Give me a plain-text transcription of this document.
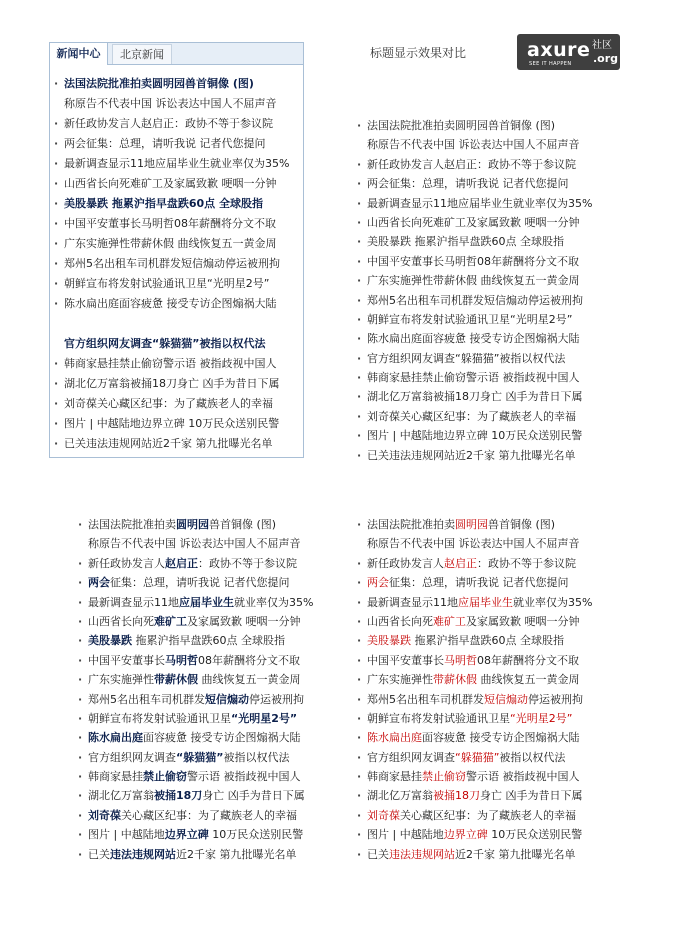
标题显示效果对比	axure 社区
.org
SEE IT HAPPEN
新闻中心	北京新闻
· 法国法院批准拍卖圆明园兽首铜像 (图)
称原告不代表中国 诉讼表达中国人不屈声音
· 新任政协发言人赵启正：政协不等于参议院
· 两会征集：总理，请听我说 记者代您提问
· 最新调查显示11地应届毕业生就业率仅为35%
· 山西省长向死难矿工及家属致歉 哽咽一分钟
· 美股暴跌 拖累沪指早盘跌60点 全球股指
· 中国平安董事长马明哲08年薪酬将分文不取
· 广东实施弹性带薪休假 曲线恢复五一黄金周
· 郑州5名出租车司机群发短信煽动停运被刑拘
· 朝鲜宣布将发射试验通讯卫星“光明星2号”
· 陈水扁出庭面容疲惫 接受专访企图煽祸大陆
官方组织网友调查“躲猫猫”被指以权代法
· 韩商家悬挂禁止偷窃警示语 被指歧视中国人
· 湖北亿万富翁被捅18刀身亡 凶手为昔日下属
· 刘奇葆关心藏区纪事：为了藏族老人的幸福
· 图片 | 中越陆地边界立碑 10万民众送别民警
· 已关违法违规网站近2千家 第九批曝光名单
· 法国法院批准拍卖圆明园兽首铜像 (图)
称原告不代表中国 诉讼表达中国人不屈声音
· 新任政协发言人赵启正：政协不等于参议院
· 两会征集：总理，请听我说 记者代您提问
· 最新调查显示11地应届毕业生就业率仅为35%
· 山西省长向死难矿工及家属致歉 哽咽一分钟
· 美股暴跌 拖累沪指早盘跌60点 全球股指
· 中国平安董事长马明哲08年薪酬将分文不取
· 广东实施弹性带薪休假 曲线恢复五一黄金周
· 郑州5名出租车司机群发短信煽动停运被刑拘
· 朝鲜宣布将发射试验通讯卫星“光明星2号”
· 陈水扁出庭面容疲惫 接受专访企图煽祸大陆
· 官方组织网友调查“躲猫猫”被指以权代法
· 韩商家悬挂禁止偷窃警示语 被指歧视中国人
· 湖北亿万富翁被捅18刀身亡 凶手为昔日下属
· 刘奇葆关心藏区纪事：为了藏族老人的幸福
· 图片 | 中越陆地边界立碑 10万民众送别民警
· 已关违法违规网站近2千家 第九批曝光名单
· 法国法院批准拍卖圆明园兽首铜像 (图)
称原告不代表中国 诉讼表达中国人不屈声音
· 新任政协发言人赵启正：政协不等于参议院
· 两会征集：总理，请听我说 记者代您提问
· 最新调查显示11地应届毕业生就业率仅为35%
· 山西省长向死难矿工及家属致歉 哽咽一分钟
· 美股暴跌 拖累沪指早盘跌60点 全球股指
· 中国平安董事长马明哲08年薪酬将分文不取
· 广东实施弹性带薪休假 曲线恢复五一黄金周
· 郑州5名出租车司机群发短信煽动停运被刑拘
· 朝鲜宣布将发射试验通讯卫星“光明星2号”
· 陈水扁出庭面容疲惫 接受专访企图煽祸大陆
· 官方组织网友调查“躲猫猫”被指以权代法
· 韩商家悬挂禁止偷窃警示语 被指歧视中国人
· 湖北亿万富翁被捅18刀身亡 凶手为昔日下属
· 刘奇葆关心藏区纪事：为了藏族老人的幸福
· 图片 | 中越陆地边界立碑 10万民众送别民警
· 已关违法违规网站近2千家 第九批曝光名单
· 法国法院批准拍卖圆明园兽首铜像 (图)
称原告不代表中国 诉讼表达中国人不屈声音
· 新任政协发言人赵启正：政协不等于参议院
· 两会征集：总理，请听我说 记者代您提问
· 最新调查显示11地应届毕业生就业率仅为35%
· 山西省长向死难矿工及家属致歉 哽咽一分钟
· 美股暴跌 拖累沪指早盘跌60点 全球股指
· 中国平安董事长马明哲08年薪酬将分文不取
· 广东实施弹性带薪休假 曲线恢复五一黄金周
· 郑州5名出租车司机群发短信煽动停运被刑拘
· 朝鲜宣布将发射试验通讯卫星“光明星2号”
· 陈水扁出庭面容疲惫 接受专访企图煽祸大陆
· 官方组织网友调查“躲猫猫”被指以权代法
· 韩商家悬挂禁止偷窃警示语 被指歧视中国人
· 湖北亿万富翁被捅18刀身亡 凶手为昔日下属
· 刘奇葆关心藏区纪事：为了藏族老人的幸福
· 图片 | 中越陆地边界立碑 10万民众送别民警
· 已关违法违规网站近2千家 第九批曝光名单
